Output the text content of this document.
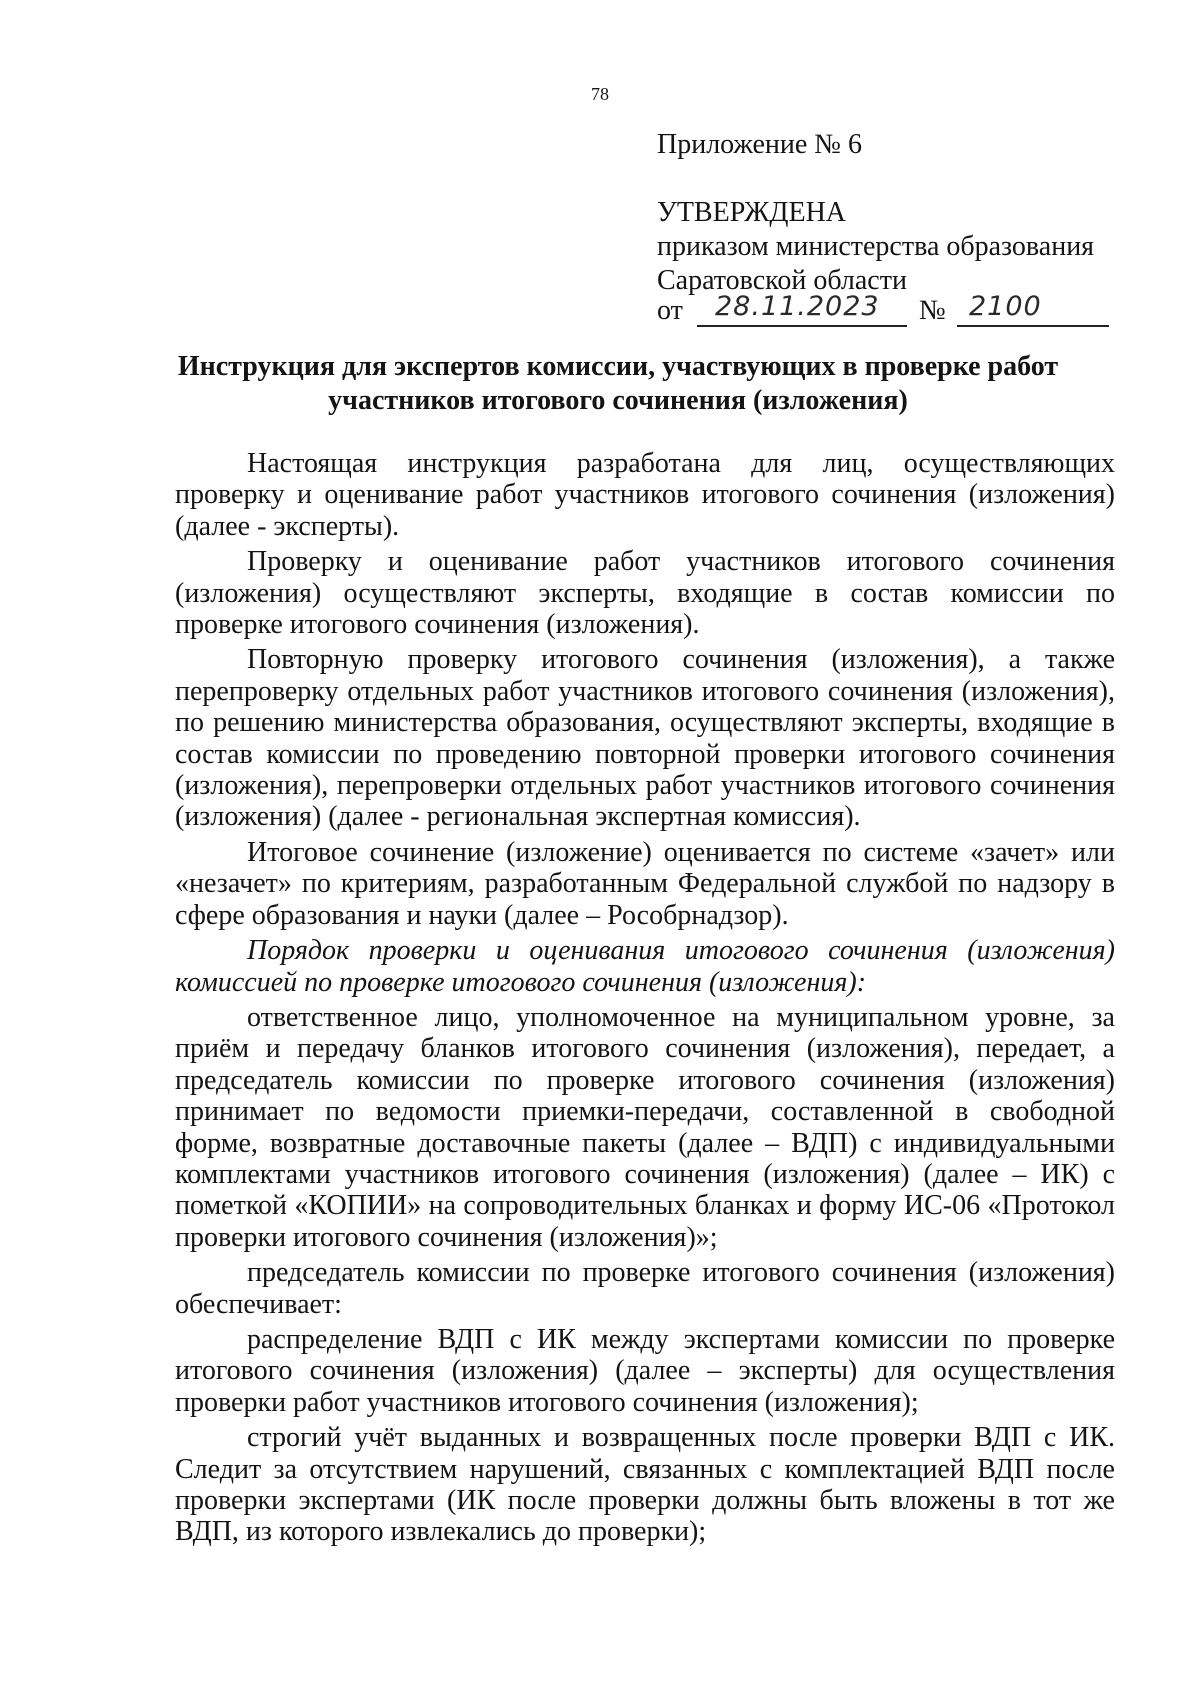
78
Приложение № 6
УТВЕРЖДЕНА
приказом министерства образования
Саратовской области
от 28.11.2023 № 2100
Инструкция для экспертов комиссии, участвующих в проверке работ
участников итогового сочинения (изложения)

Настоящая инструкция разработана для лиц, осуществляющих проверку и оценивание работ участников итогового сочинения (изложения) (далее - эксперты).

Проверку и оценивание работ участников итогового сочинения (изложения) осуществляют эксперты, входящие в состав комиссии по проверке итогового сочинения (изложения).

Повторную проверку итогового сочинения (изложения), а также перепроверку отдельных работ участников итогового сочинения (изложения), по решению министерства образования, осуществляют эксперты, входящие в состав комиссии по проведению повторной проверки итогового сочинения (изложения), перепроверки отдельных работ участников итогового сочинения (изложения) (далее - региональная экспертная комиссия).

Итоговое сочинение (изложение) оценивается по системе «зачет» или «незачет» по критериям, разработанным Федеральной службой по надзору в сфере образования и науки (далее – Рособрнадзор).

Порядок проверки и оценивания итогового сочинения (изложения) комиссией по проверке итогового сочинения (изложения):

ответственное лицо, уполномоченное на муниципальном уровне, за приём и передачу бланков итогового сочинения (изложения), передает, а председатель комиссии по проверке итогового сочинения (изложения) принимает по ведомости приемки-передачи, составленной в свободной форме, возвратные доставочные пакеты (далее – ВДП) с индивидуальными комплектами участников итогового сочинения (изложения) (далее – ИК) с пометкой «КОПИИ» на сопроводительных бланках и форму ИС-06 «Протокол проверки итогового сочинения (изложения)»;

председатель комиссии по проверке итогового сочинения (изложения) обеспечивает:

распределение ВДП с ИК между экспертами комиссии по проверке итогового сочинения (изложения) (далее – эксперты) для осуществления проверки работ участников итогового сочинения (изложения);

строгий учёт выданных и возвращенных после проверки ВДП с ИК. Следит за отсутствием нарушений, связанных с комплектацией ВДП после проверки экспертами (ИК после проверки должны быть вложены в тот же ВДП, из которого извлекались до проверки);
